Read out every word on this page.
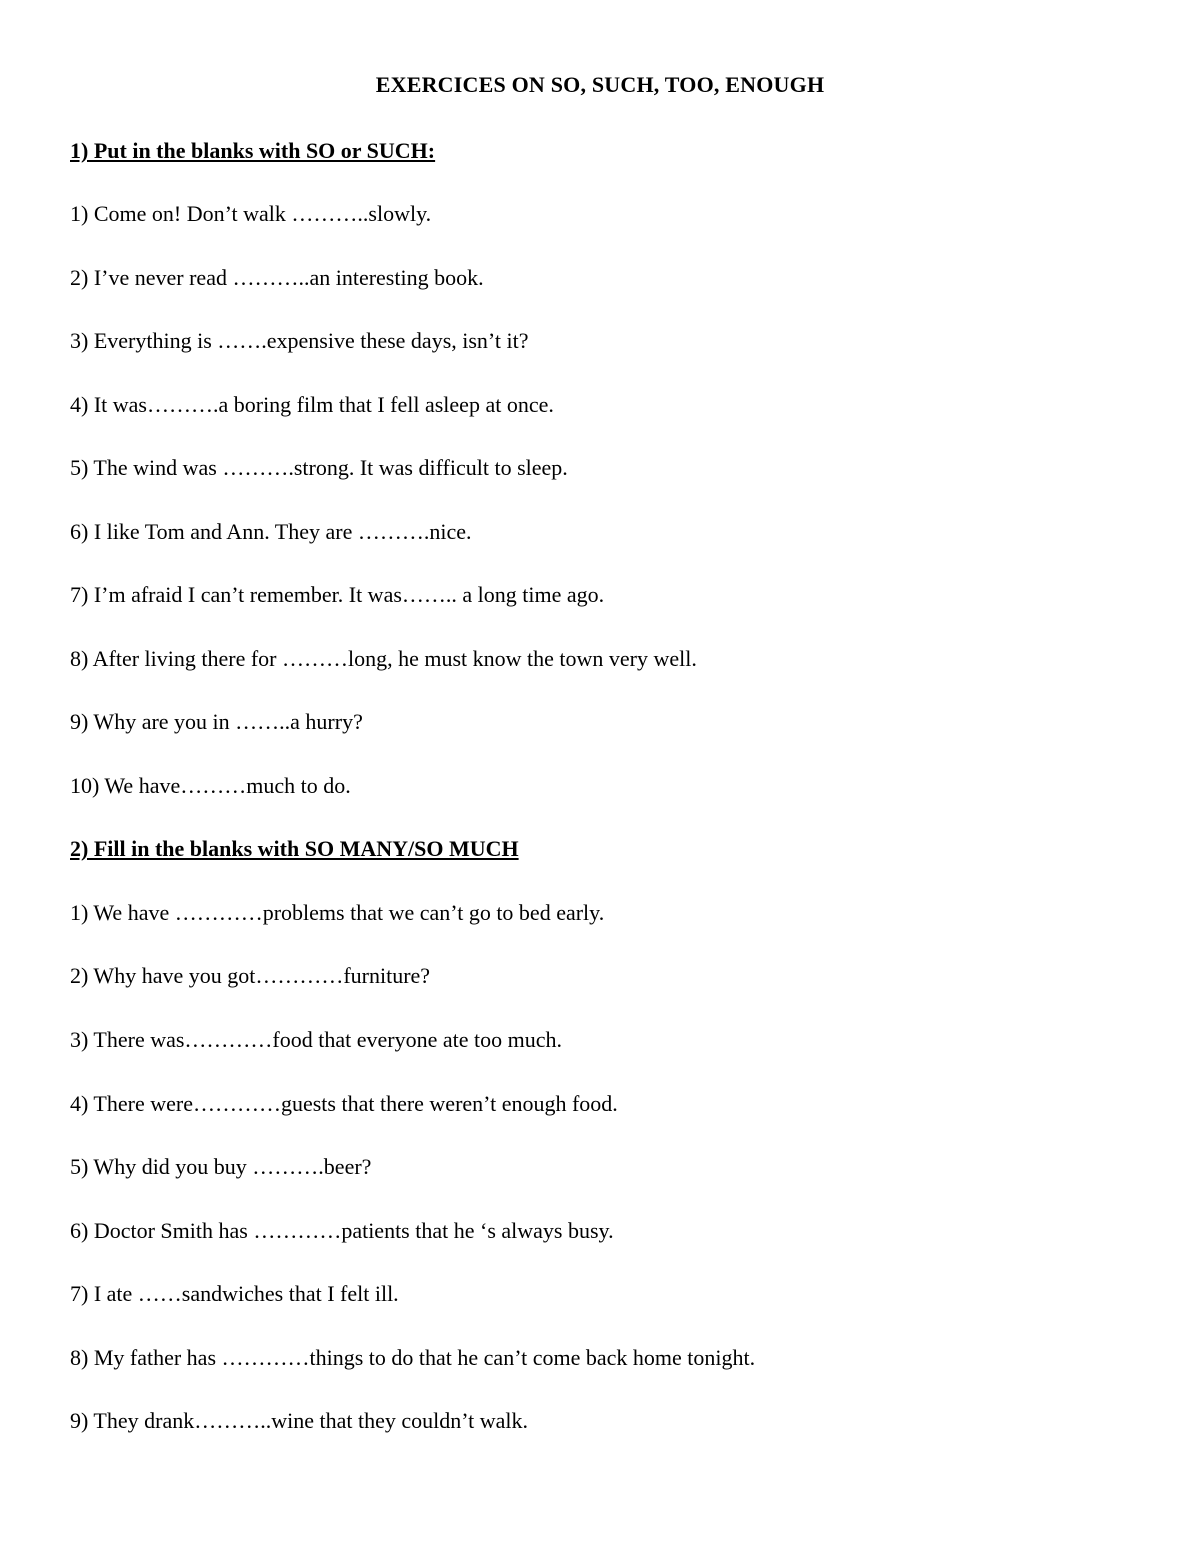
EXERCICES ON SO, SUCH, TOO, ENOUGH
1) Put in the blanks with SO or SUCH:
1) Come on! Don’t walk ………..slowly.
2) I’ve never read ………..an interesting book.
3) Everything is …….expensive these days, isn’t it?
4) It was……….a boring film that I fell asleep at once.
5) The wind was ……….strong. It was difficult to sleep.
6) I like Tom and Ann. They are ……….nice.
7) I’m afraid I can’t remember. It was…….. a long time ago.
8) After living there for ………long, he must know the town very well.
9) Why are you in ……..a hurry?
10) We have………much to do.
2) Fill in the blanks with SO MANY/SO MUCH
1) We have …………problems that we can’t go to bed early.
2) Why have you got…………furniture?
3) There was…………food that everyone ate too much.
4) There were…………guests that there weren’t enough food.
5) Why did you buy ……….beer?
6) Doctor Smith has …………patients that he ‘s always busy.
7) I ate ……sandwiches that I felt ill.
8) My father has …………things to do that he can’t come back home tonight.
9) They drank………..wine that they couldn’t walk.
